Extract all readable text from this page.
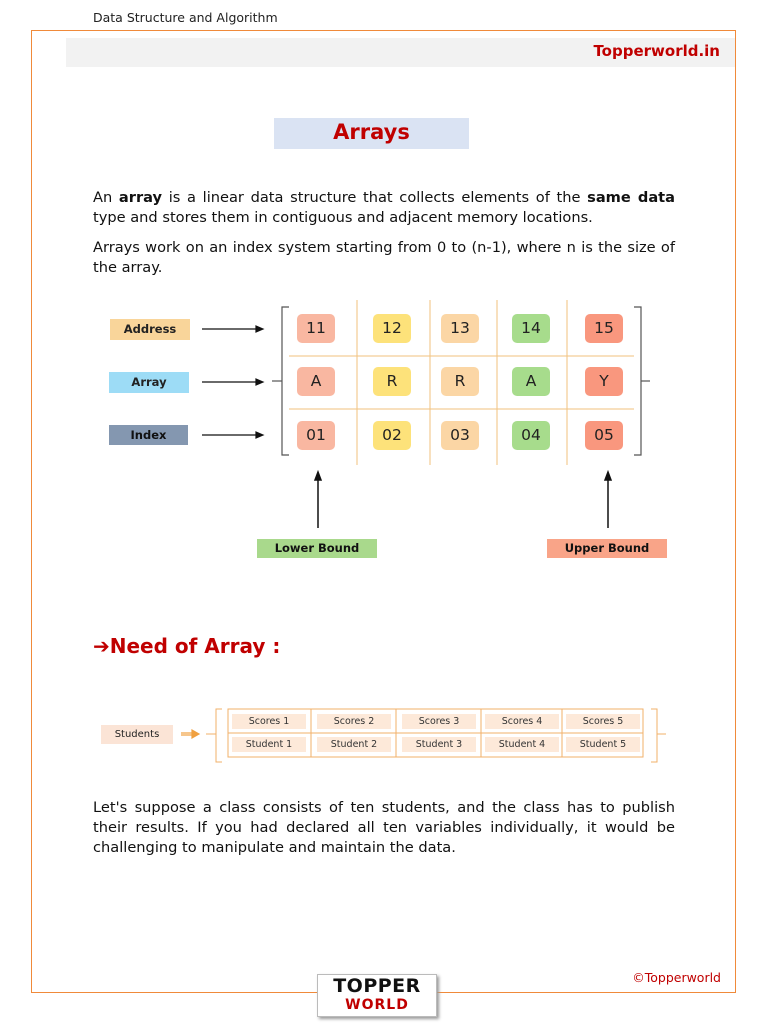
Data Structure and Algorithm
Topperworld.in
Arrays
An array is a linear data structure that collects elements of the same data type and stores them in contiguous and adjacent memory locations.
Arrays work on an index system starting from 0 to (n-1), where n is the size of the array.
Address
Array
Index
11	12	13	14	15
A	R	R	A	Y
01	02	03	04	05
Lower Bound	Upper Bound
➔Need of Array :
Students
Scores 1	Scores 2	Scores 3	Scores 4	Scores 5
Student 1	Student 2	Student 3	Student 4	Student 5
Let's suppose a class consists of ten students, and the class has to publish their results. If you had declared all ten variables individually, it would be challenging to manipulate and maintain the data.
©Topperworld
TOPPER
WORLD
